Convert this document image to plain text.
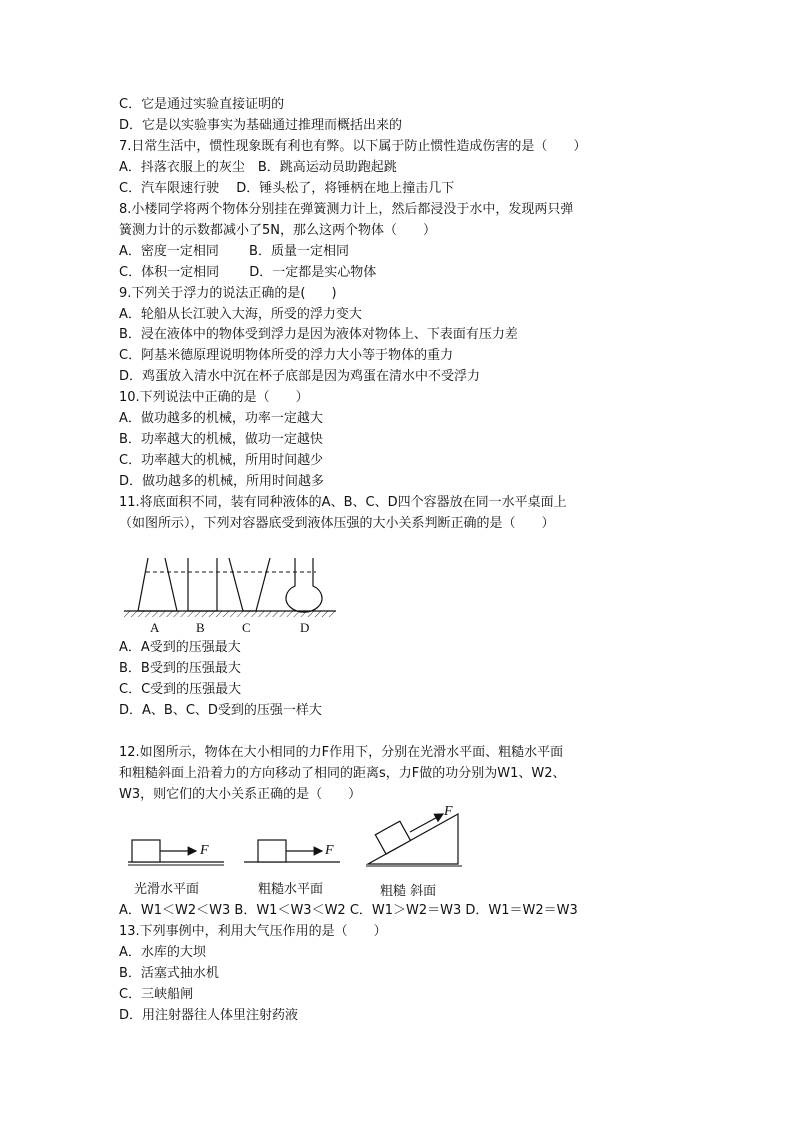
C．它是通过实验直接证明的
D．它是以实验事实为基础通过推理而概括出来的
7.日常生活中，惯性现象既有利也有弊。以下属于防止惯性造成伤害的是（　　）
A．抖落衣服上的灰尘　B．跳高运动员助跑起跳
C．汽车限速行驶　 D．锤头松了，将锤柄在地上撞击几下
8.小楼同学将两个物体分别挂在弹簧测力计上，然后都浸没于水中，发现两只弹
簧测力计的示数都减小了5N，那么这两个物体（　　）
A．密度一定相同　　 B．质量一定相同
C．体积一定相同　　 D．一定都是实心物体
9.下列关于浮力的说法正确的是(　　)
A．轮船从长江驶入大海，所受的浮力变大
B．浸在液体中的物体受到浮力是因为液体对物体上、下表面有压力差
C．阿基米德原理说明物体所受的浮力大小等于物体的重力
D．鸡蛋放入清水中沉在杯子底部是因为鸡蛋在清水中不受浮力
10.下列说法中正确的是（　　）
A．做功越多的机械，功率一定越大
B．功率越大的机械，做功一定越快
C．功率越大的机械，所用时间越少
D．做功越多的机械，所用时间越多
11.将底面积不同，装有同种液体的A、B、C、D四个容器放在同一水平桌面上
（如图所示），下列对容器底受到液体压强的大小关系判断正确的是（　　）
A	B	C	D
A．A受到的压强最大
B．B受到的压强最大
C．C受到的压强最大
D．A、B、C、D受到的压强一样大
12.如图所示，物体在大小相同的力F作用下，分别在光滑水平面、粗糙水平面
和粗糙斜面上沿着力的方向移动了相同的距离s，力F做的功分别为W1、W2、
W3，则它们的大小关系正确的是（　　）
F	F
F
光滑水平面	粗糙水平面	粗糙 斜面
A．W1＜W2＜W3 B．W1＜W3＜W2 C．W1＞W2＝W3 D．W1＝W2＝W3
13.下列事例中，利用大气压作用的是（　　）
A．水库的大坝
B．活塞式抽水机
C．三峡船闸
D．用注射器往人体里注射药液
